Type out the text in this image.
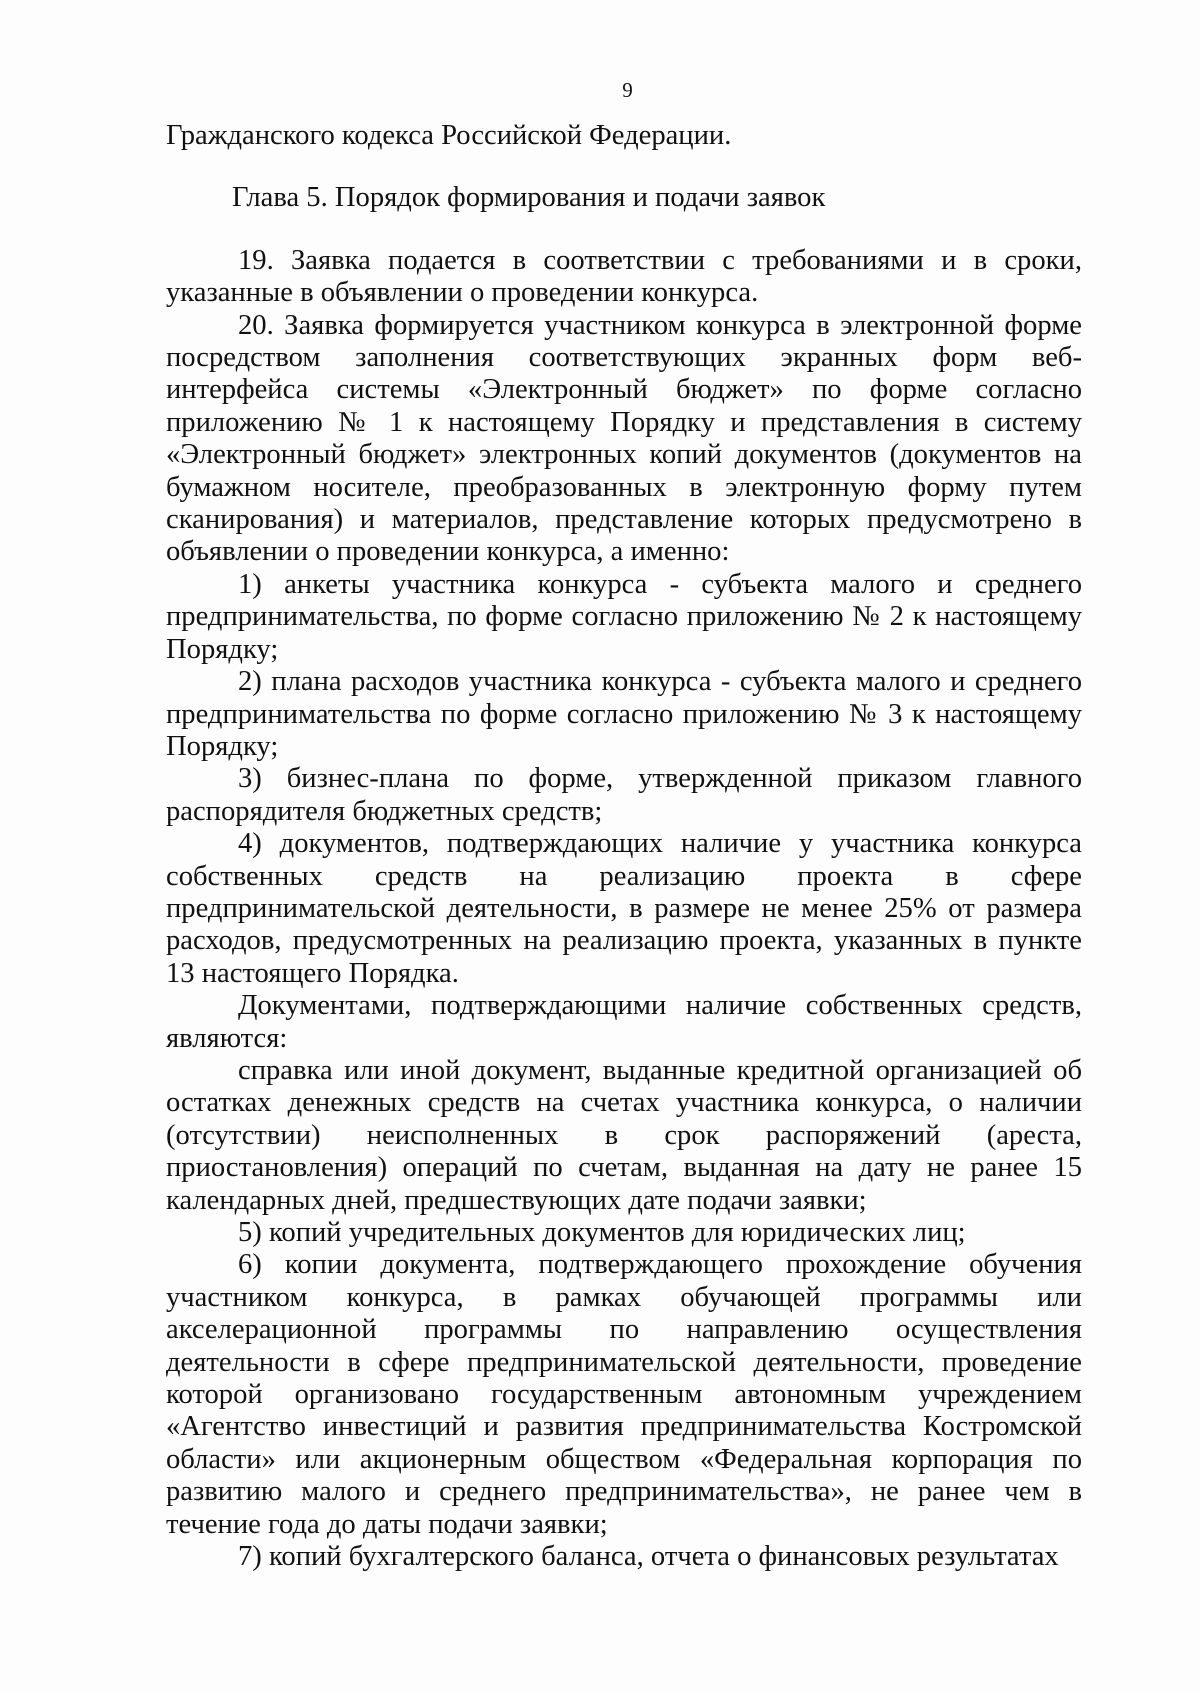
9

Гражданского кодекса Российской Федерации.

Глава 5. Порядок формирования и подачи заявок

19. Заявка подается в соответствии с требованиями и в сроки, указанные в объявлении о проведении конкурса.

20. Заявка формируется участником конкурса в электронной форме посредством заполнения соответствующих экранных форм веб-интерфейса системы «Электронный бюджет» по форме согласно приложению № 1 к настоящему Порядку и представления в систему «Электронный бюджет» электронных копий документов (документов на бумажном носителе, преобразованных в электронную форму путем сканирования) и материалов, представление которых предусмотрено в объявлении о проведении конкурса, а именно:

1) анкеты участника конкурса - субъекта малого и среднего предпринимательства, по форме согласно приложению № 2 к настоящему Порядку;

2) плана расходов участника конкурса - субъекта малого и среднего предпринимательства по форме согласно приложению № 3 к настоящему Порядку;

3) бизнес-плана по форме, утвержденной приказом главного распорядителя бюджетных средств;

4) документов, подтверждающих наличие у участника конкурса собственных средств на реализацию проекта в сфере предпринимательской деятельности, в размере не менее 25% от размера расходов, предусмотренных на реализацию проекта, указанных в пункте 13 настоящего Порядка.

Документами, подтверждающими наличие собственных средств, являются:

справка или иной документ, выданные кредитной организацией об остатках денежных средств на счетах участника конкурса, о наличии (отсутствии) неисполненных в срок распоряжений (ареста, приостановления) операций по счетам, выданная на дату не ранее 15 календарных дней, предшествующих дате подачи заявки;

5) копий учредительных документов для юридических лиц;

6) копии документа, подтверждающего прохождение обучения участником конкурса, в рамках обучающей программы или акселерационной программы по направлению осуществления деятельности в сфере предпринимательской деятельности, проведение которой организовано государственным автономным учреждением «Агентство инвестиций и развития предпринимательства Костромской области» или акционерным обществом «Федеральная корпорация по развитию малого и среднего предпринимательства», не ранее чем в течение года до даты подачи заявки;

7) копий бухгалтерского баланса, отчета о финансовых результатах
